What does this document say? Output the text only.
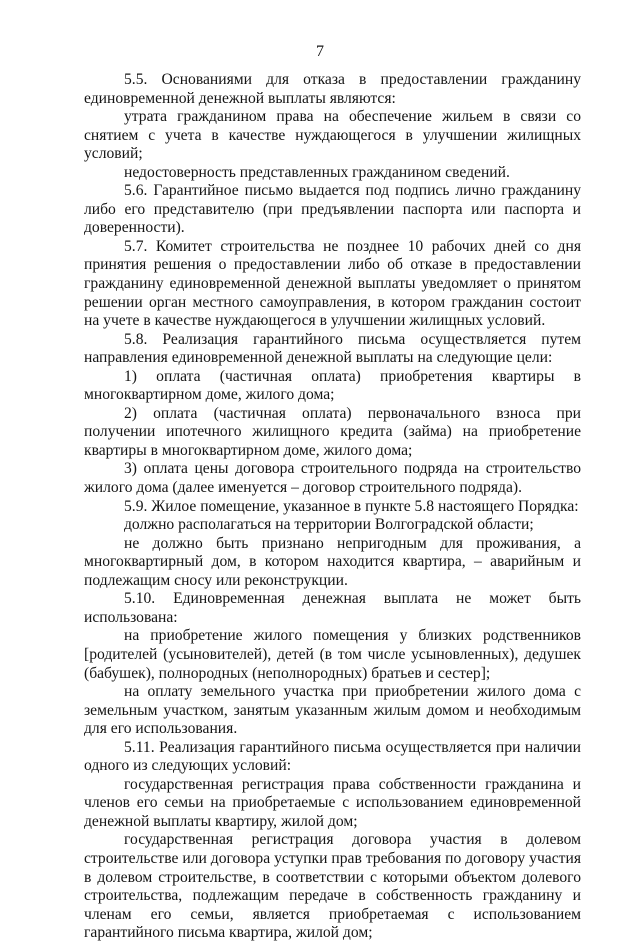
7

5.5. Основаниями для отказа в предоставлении гражданину единовременной денежной выплаты являются:

утрата гражданином права на обеспечение жильем в связи со снятием с учета в качестве нуждающегося в улучшении жилищных условий;

недостоверность представленных гражданином сведений.

5.6. Гарантийное письмо выдается под подпись лично гражданину либо его представителю (при предъявлении паспорта или паспорта и доверенности).

5.7. Комитет строительства не позднее 10 рабочих дней со дня принятия решения о предоставлении либо об отказе в предоставлении гражданину единовременной денежной выплаты уведомляет о принятом решении орган местного самоуправления, в котором гражданин состоит на учете в качестве нуждающегося в улучшении жилищных условий.

5.8. Реализация гарантийного письма осуществляется путем направления единовременной денежной выплаты на следующие цели:

1) оплата (частичная оплата) приобретения квартиры в многоквартирном доме, жилого дома;

2) оплата (частичная оплата) первоначального взноса при получении ипотечного жилищного кредита (займа) на приобретение квартиры в многоквартирном доме, жилого дома;

3) оплата цены договора строительного подряда на строительство жилого дома (далее именуется – договор строительного подряда).

5.9. Жилое помещение, указанное в пункте 5.8 настоящего Порядка:

должно располагаться на территории Волгоградской области;

не должно быть признано непригодным для проживания, а многоквартирный дом, в котором находится квартира, – аварийным и подлежащим сносу или реконструкции.

5.10. Единовременная денежная выплата не может быть использована:

на приобретение жилого помещения у близких родственников [родителей (усыновителей), детей (в том числе усыновленных), дедушек (бабушек), полнородных (неполнородных) братьев и сестер];

на оплату земельного участка при приобретении жилого дома с земельным участком, занятым указанным жилым домом и необходимым для его использования.

5.11. Реализация гарантийного письма осуществляется при наличии одного из следующих условий:

государственная регистрация права собственности гражданина и членов его семьи на приобретаемые с использованием единовременной денежной выплаты квартиру, жилой дом;

государственная регистрация договора участия в долевом строительстве или договора уступки прав требования по договору участия в долевом строительстве, в соответствии с которыми объектом долевого строительства, подлежащим передаче в собственность гражданину и членам его семьи, является приобретаемая с использованием гарантийного письма квартира, жилой дом;
